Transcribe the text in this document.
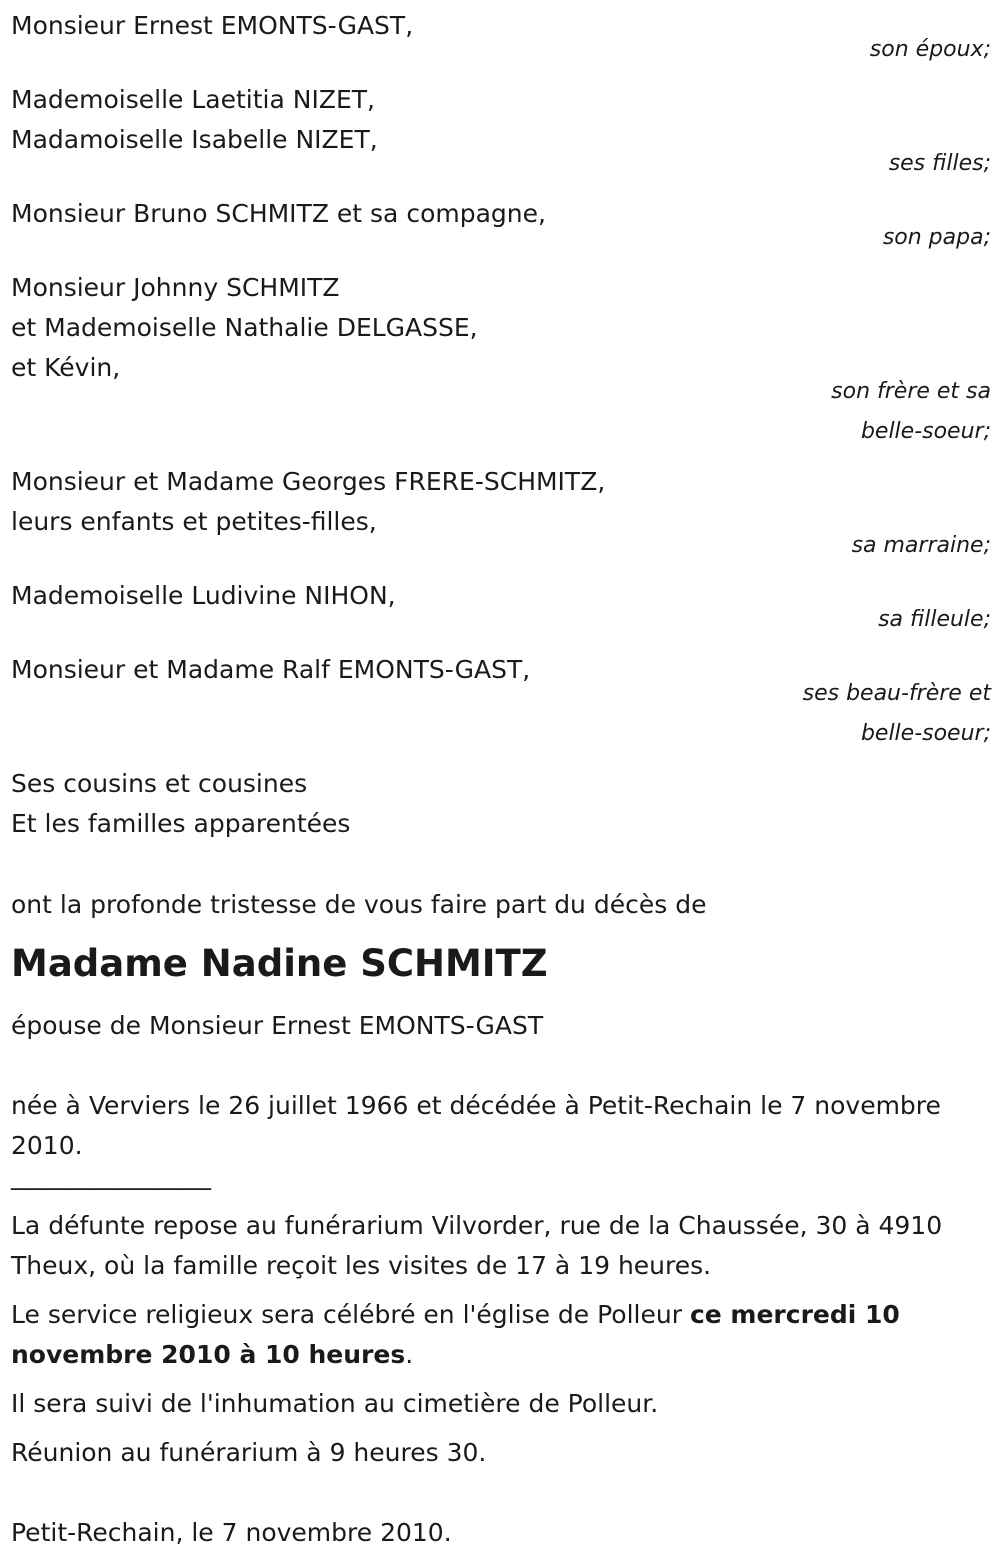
Monsieur Ernest EMONTS-GAST,
son époux;
Mademoiselle Laetitia NIZET,
Madamoiselle Isabelle NIZET,
ses filles;
Monsieur Bruno SCHMITZ et sa compagne,
son papa;
Monsieur Johnny SCHMITZ
et Mademoiselle Nathalie DELGASSE,
et Kévin,
son frère et sa
belle-soeur;
Monsieur et Madame Georges FRERE-SCHMITZ,
leurs enfants et petites-filles,
sa marraine;
Mademoiselle Ludivine NIHON,
sa filleule;
Monsieur et Madame Ralf EMONTS-GAST,
ses beau-frère et
belle-soeur;
Ses cousins et cousines
Et les familles apparentées
ont la profonde tristesse de vous faire part du décès de
Madame Nadine SCHMITZ
épouse de Monsieur Ernest EMONTS-GAST
née à Verviers le 26 juillet 1966 et décédée à Petit-Rechain le 7 novembre 2010.
________________
La défunte repose au funérarium Vilvorder, rue de la Chaussée, 30 à 4910 Theux, où la famille reçoit les visites de 17 à 19 heures.
Le service religieux sera célébré en l'église de Polleur ce mercredi 10 novembre 2010 à 10 heures.
Il sera suivi de l'inhumation au cimetière de Polleur.
Réunion au funérarium à 9 heures 30.
Petit-Rechain, le 7 novembre 2010.
